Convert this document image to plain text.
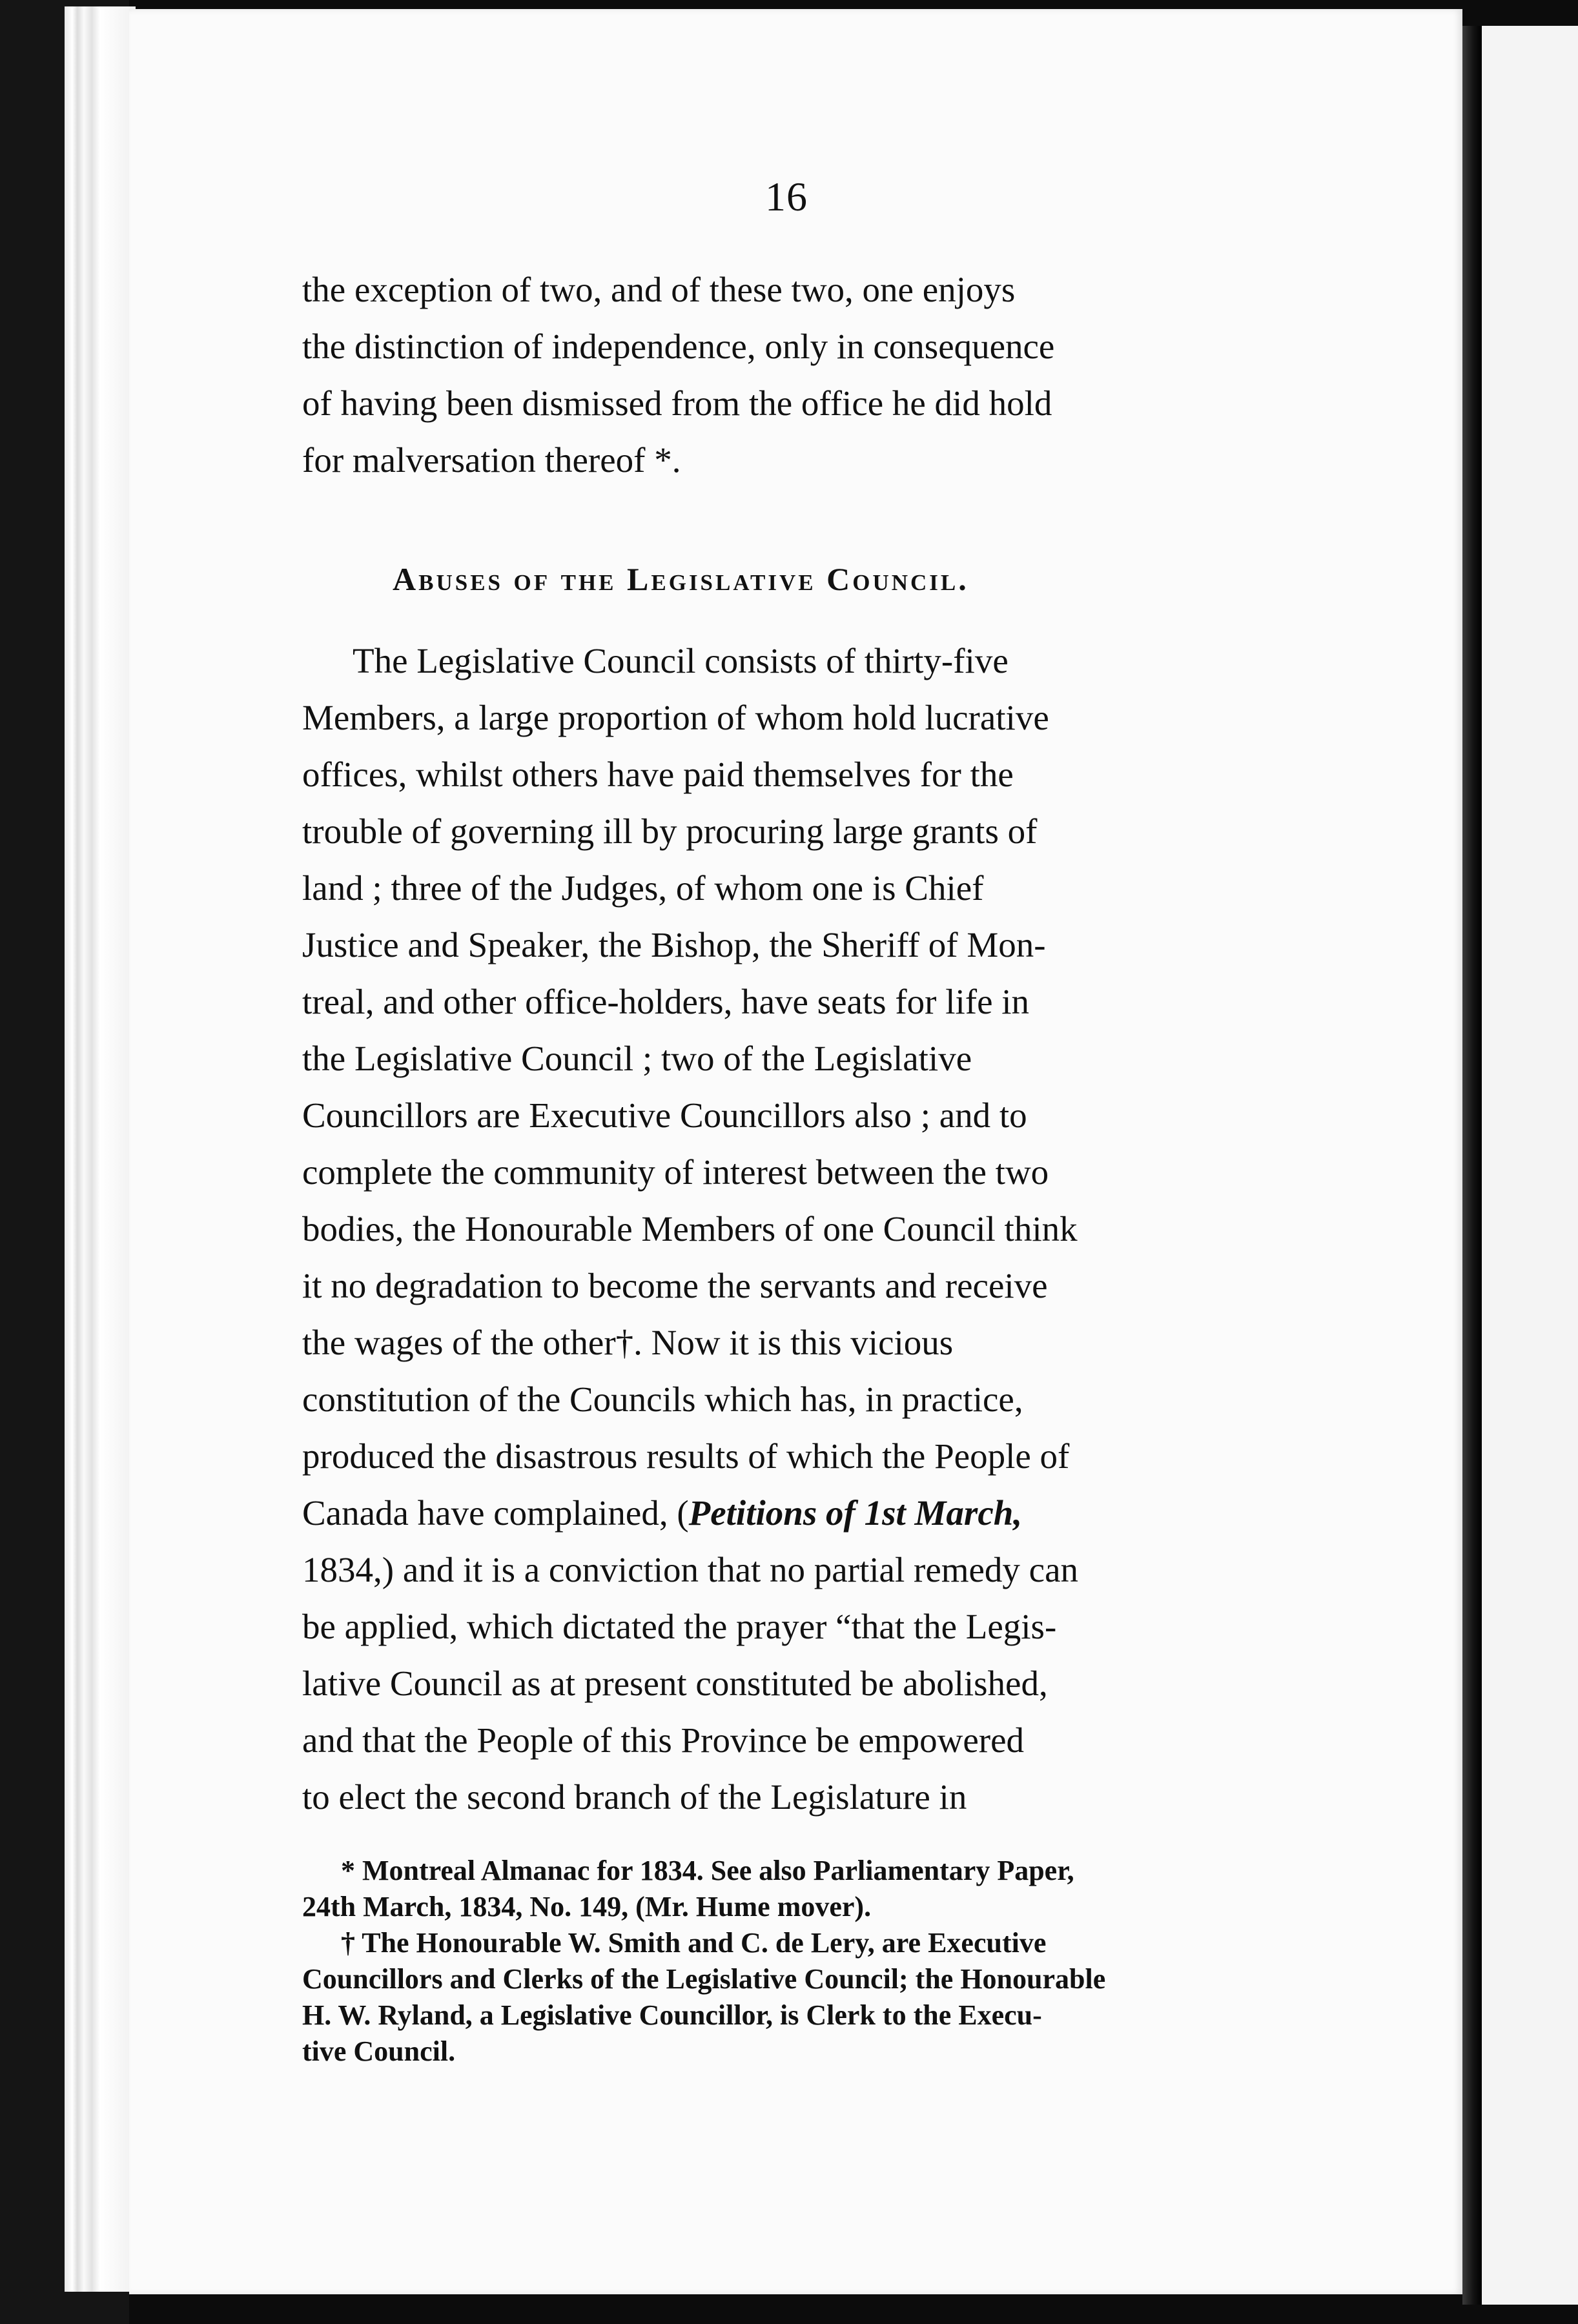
16
the exception of two, and of these two, one enjoys
the distinction of independence, only in consequence
of having been dismissed from the office he did hold
for malversation thereof *.
Abuses of the Legislative Council.
The Legislative Council consists of thirty-five
Members, a large proportion of whom hold lucrative
offices, whilst others have paid themselves for the
trouble of governing ill by procuring large grants of
land ; three of the Judges, of whom one is Chief
Justice and Speaker, the Bishop, the Sheriff of Mon-
treal, and other office-holders, have seats for life in
the Legislative Council ; two of the Legislative
Councillors are Executive Councillors also ; and to
complete the community of interest between the two
bodies, the Honourable Members of one Council think
it no degradation to become the servants and receive
the wages of the other†. Now it is this vicious
constitution of the Councils which has, in practice,
produced the disastrous results of which the People of
Canada have complained, (Petitions of 1st March,
1834,) and it is a conviction that no partial remedy can
be applied, which dictated the prayer “that the Legis-
lative Council as at present constituted be abolished,
and that the People of this Province be empowered
to elect the second branch of the Legislature in
* Montreal Almanac for 1834. See also Parliamentary Paper,
24th March, 1834, No. 149, (Mr. Hume mover).
† The Honourable W. Smith and C. de Lery, are Executive
Councillors and Clerks of the Legislative Council; the Honourable
H. W. Ryland, a Legislative Councillor, is Clerk to the Execu-
tive Council.
